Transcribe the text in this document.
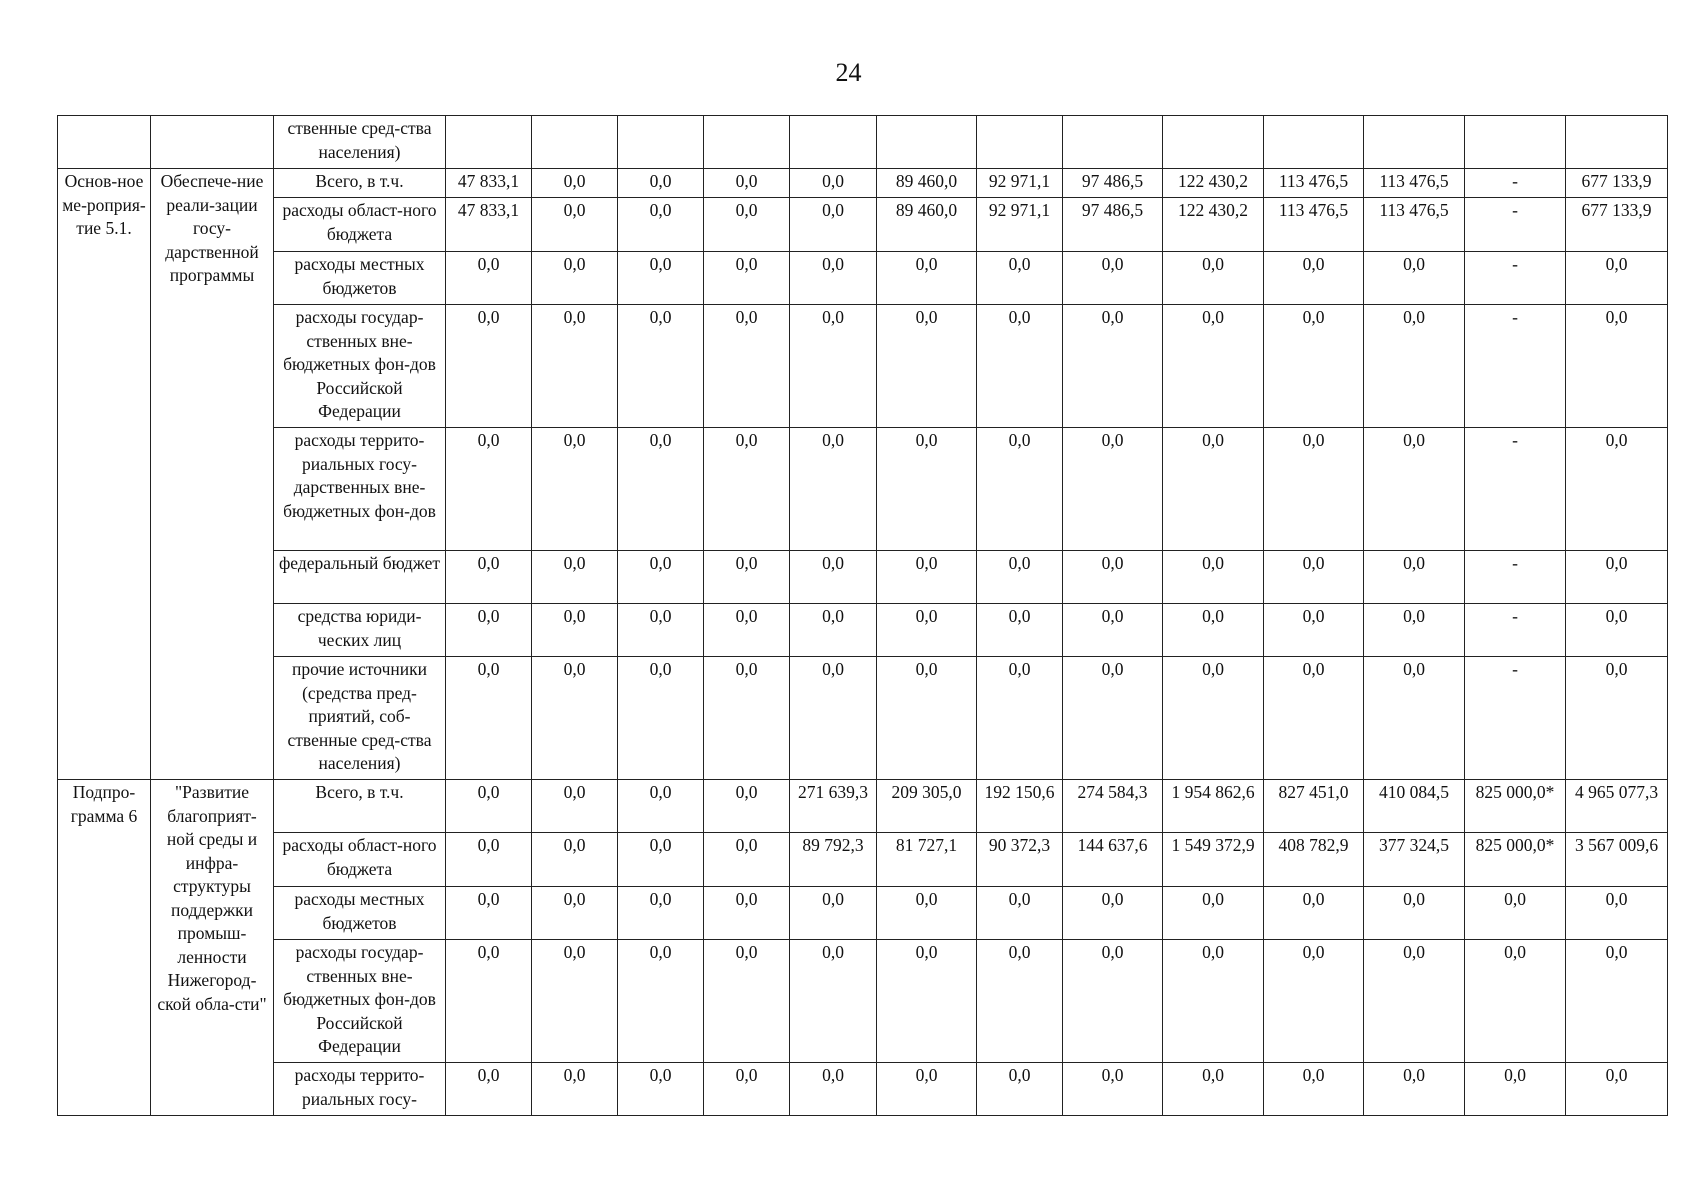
24
		ственные сред-ства населения)													
Основ-ное ме-роприя-тие 5.1.	Обеспече-ние реали-зации госу-дарственной программы	Всего, в т.ч.	47 833,1	0,0	0,0	0,0	0,0	89 460,0	92 971,1	97 486,5	122 430,2	113 476,5	113 476,5	-	677 133,9
		расходы област-ного бюджета	47 833,1	0,0	0,0	0,0	0,0	89 460,0	92 971,1	97 486,5	122 430,2	113 476,5	113 476,5	-	677 133,9
		расходы местных бюджетов	0,0	0,0	0,0	0,0	0,0	0,0	0,0	0,0	0,0	0,0	0,0	-	0,0
		расходы государ-ственных вне-бюджетных фон-дов Российской Федерации	0,0	0,0	0,0	0,0	0,0	0,0	0,0	0,0	0,0	0,0	0,0	-	0,0
		расходы террито-риальных госу-дарственных вне-бюджетных фон-дов	0,0	0,0	0,0	0,0	0,0	0,0	0,0	0,0	0,0	0,0	0,0	-	0,0
		федеральный бюджет	0,0	0,0	0,0	0,0	0,0	0,0	0,0	0,0	0,0	0,0	0,0	-	0,0
		средства юриди-ческих лиц	0,0	0,0	0,0	0,0	0,0	0,0	0,0	0,0	0,0	0,0	0,0	-	0,0
		прочие источники (средства пред-приятий, соб-ственные сред-ства населения)	0,0	0,0	0,0	0,0	0,0	0,0	0,0	0,0	0,0	0,0	0,0	-	0,0
Подпро-грамма 6	"Развитие благоприят-ной среды и инфра-структуры поддержки промыш-ленности Нижегород-ской обла-сти"	Всего, в т.ч.	0,0	0,0	0,0	0,0	271 639,3	209 305,0	192 150,6	274 584,3	1 954 862,6	827 451,0	410 084,5	825 000,0*	4 965 077,3
		расходы област-ного бюджета	0,0	0,0	0,0	0,0	89 792,3	81 727,1	90 372,3	144 637,6	1 549 372,9	408 782,9	377 324,5	825 000,0*	3 567 009,6
		расходы местных бюджетов	0,0	0,0	0,0	0,0	0,0	0,0	0,0	0,0	0,0	0,0	0,0	0,0	0,0
		расходы государ-ственных вне-бюджетных фон-дов Российской Федерации	0,0	0,0	0,0	0,0	0,0	0,0	0,0	0,0	0,0	0,0	0,0	0,0	0,0
		расходы террито-риальных госу-	0,0	0,0	0,0	0,0	0,0	0,0	0,0	0,0	0,0	0,0	0,0	0,0	0,0
